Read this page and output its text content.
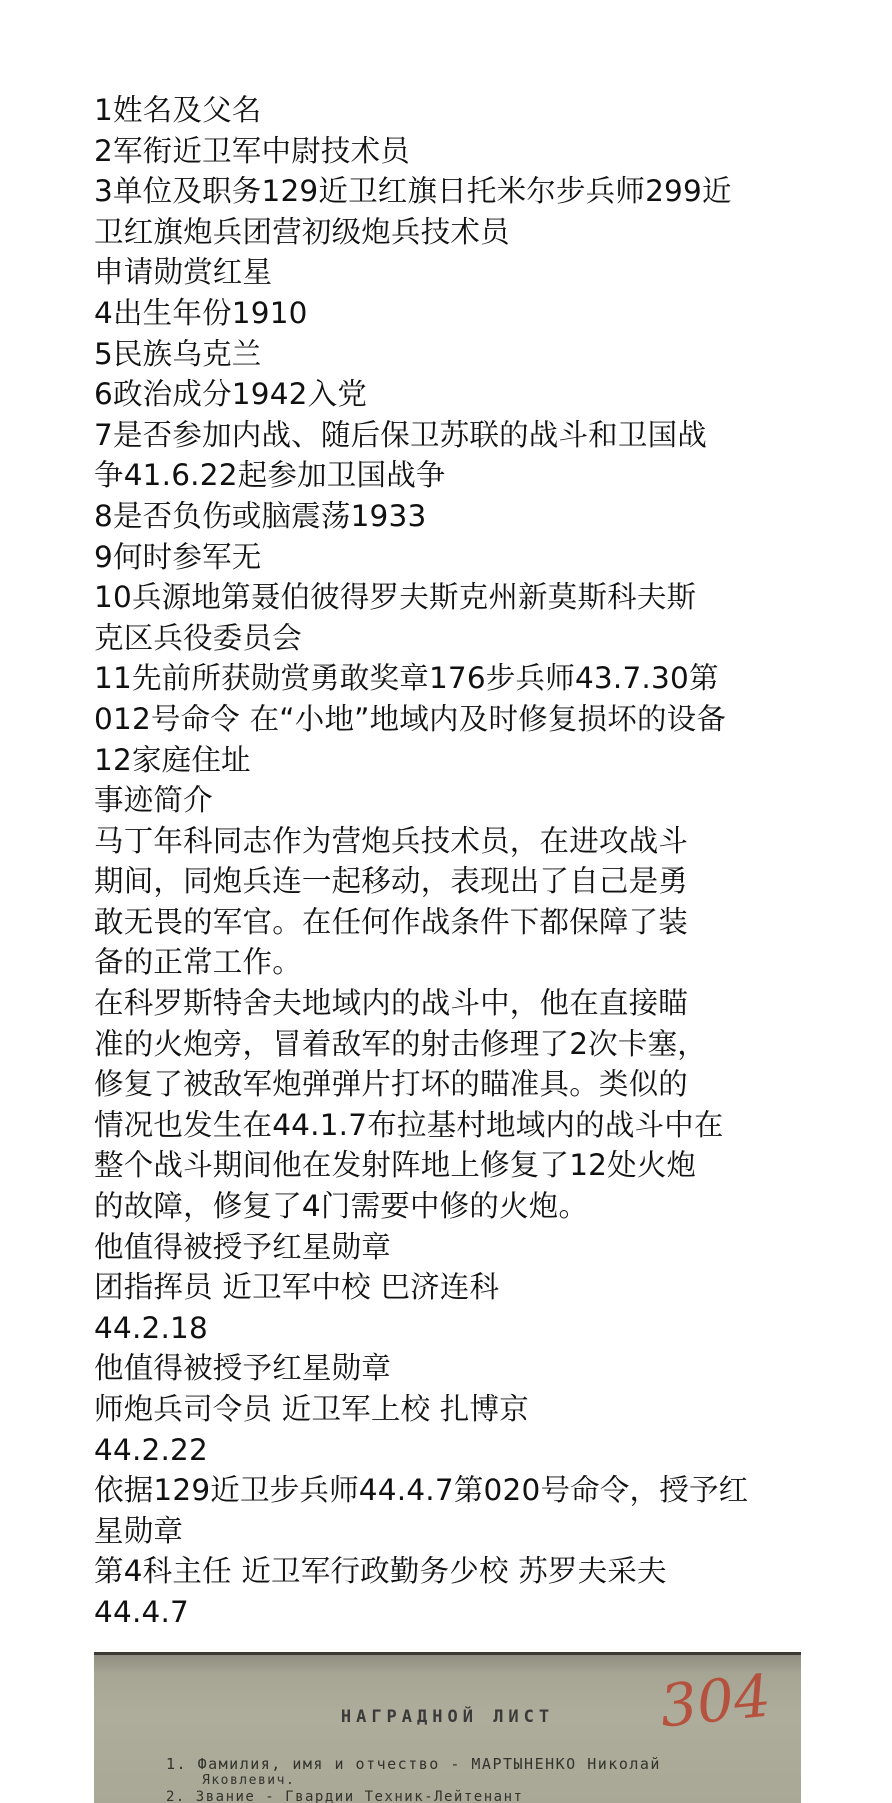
1姓名及父名
2军衔近卫军中尉技术员
3单位及职务129近卫红旗日托米尔步兵师299近
卫红旗炮兵团营初级炮兵技术员
申请勋赏红星
4出生年份1910
5民族乌克兰
6政治成分1942入党
7是否参加内战、随后保卫苏联的战斗和卫国战
争41.6.22起参加卫国战争
8是否负伤或脑震荡1933
9何时参军无
10兵源地第聂伯彼得罗夫斯克州新莫斯科夫斯
克区兵役委员会
11先前所获勋赏勇敢奖章176步兵师43.7.30第
012号命令 在“小地”地域内及时修复损坏的设备
12家庭住址
事迹简介
马丁年科同志作为营炮兵技术员，在进攻战斗
期间，同炮兵连一起移动，表现出了自己是勇
敢无畏的军官。在任何作战条件下都保障了装
备的正常工作。
在科罗斯特舍夫地域内的战斗中，他在直接瞄
准的火炮旁，冒着敌军的射击修理了2次卡塞，
修复了被敌军炮弹弹片打坏的瞄准具。类似的
情况也发生在44.1.7布拉基村地域内的战斗中在
整个战斗期间他在发射阵地上修复了12处火炮
的故障，修复了4门需要中修的火炮。
他值得被授予红星勋章
团指挥员 近卫军中校 巴济连科
44.2.18
他值得被授予红星勋章
师炮兵司令员 近卫军上校 扎博京
44.2.22
依据129近卫步兵师44.4.7第020号命令，授予红
星勋章
第4科主任 近卫军行政勤务少校 苏罗夫采夫
44.4.7
304
НАГРАДНОЙ ЛИСТ
1. Фамилия, имя и отчество - МАРТЫНЕНКО Николай
Яковлевич.
2. Звание - Гвардии Техник-Лейтенант
